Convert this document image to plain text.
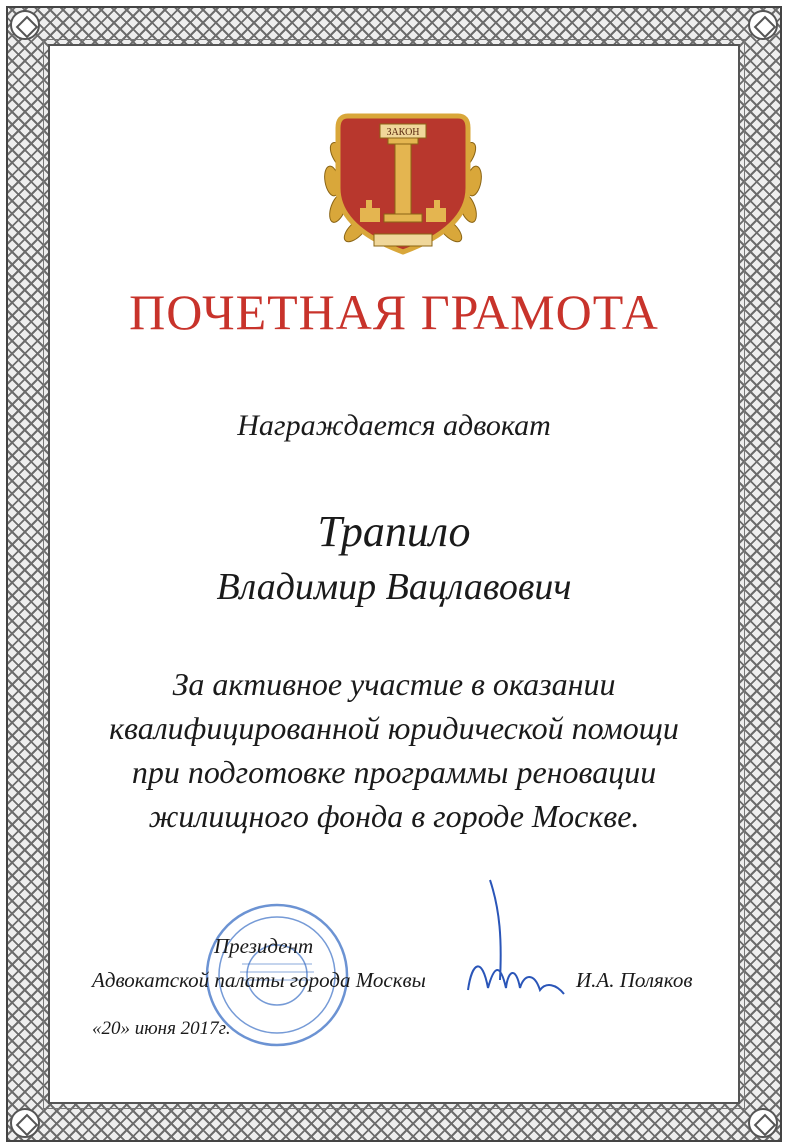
ЗАКОН
ПОЧЕТНАЯ ГРАМОТА
Награждается адвокат
Трапило
Владимир Вацлавович
За активное участие в оказании
квалифицированной юридической помощи
при подготовке программы реновации
жилищного фонда в городе Москве.
Президент
Адвокатской палаты города Москвы	И.А. Поляков
«20» июня 2017г.
